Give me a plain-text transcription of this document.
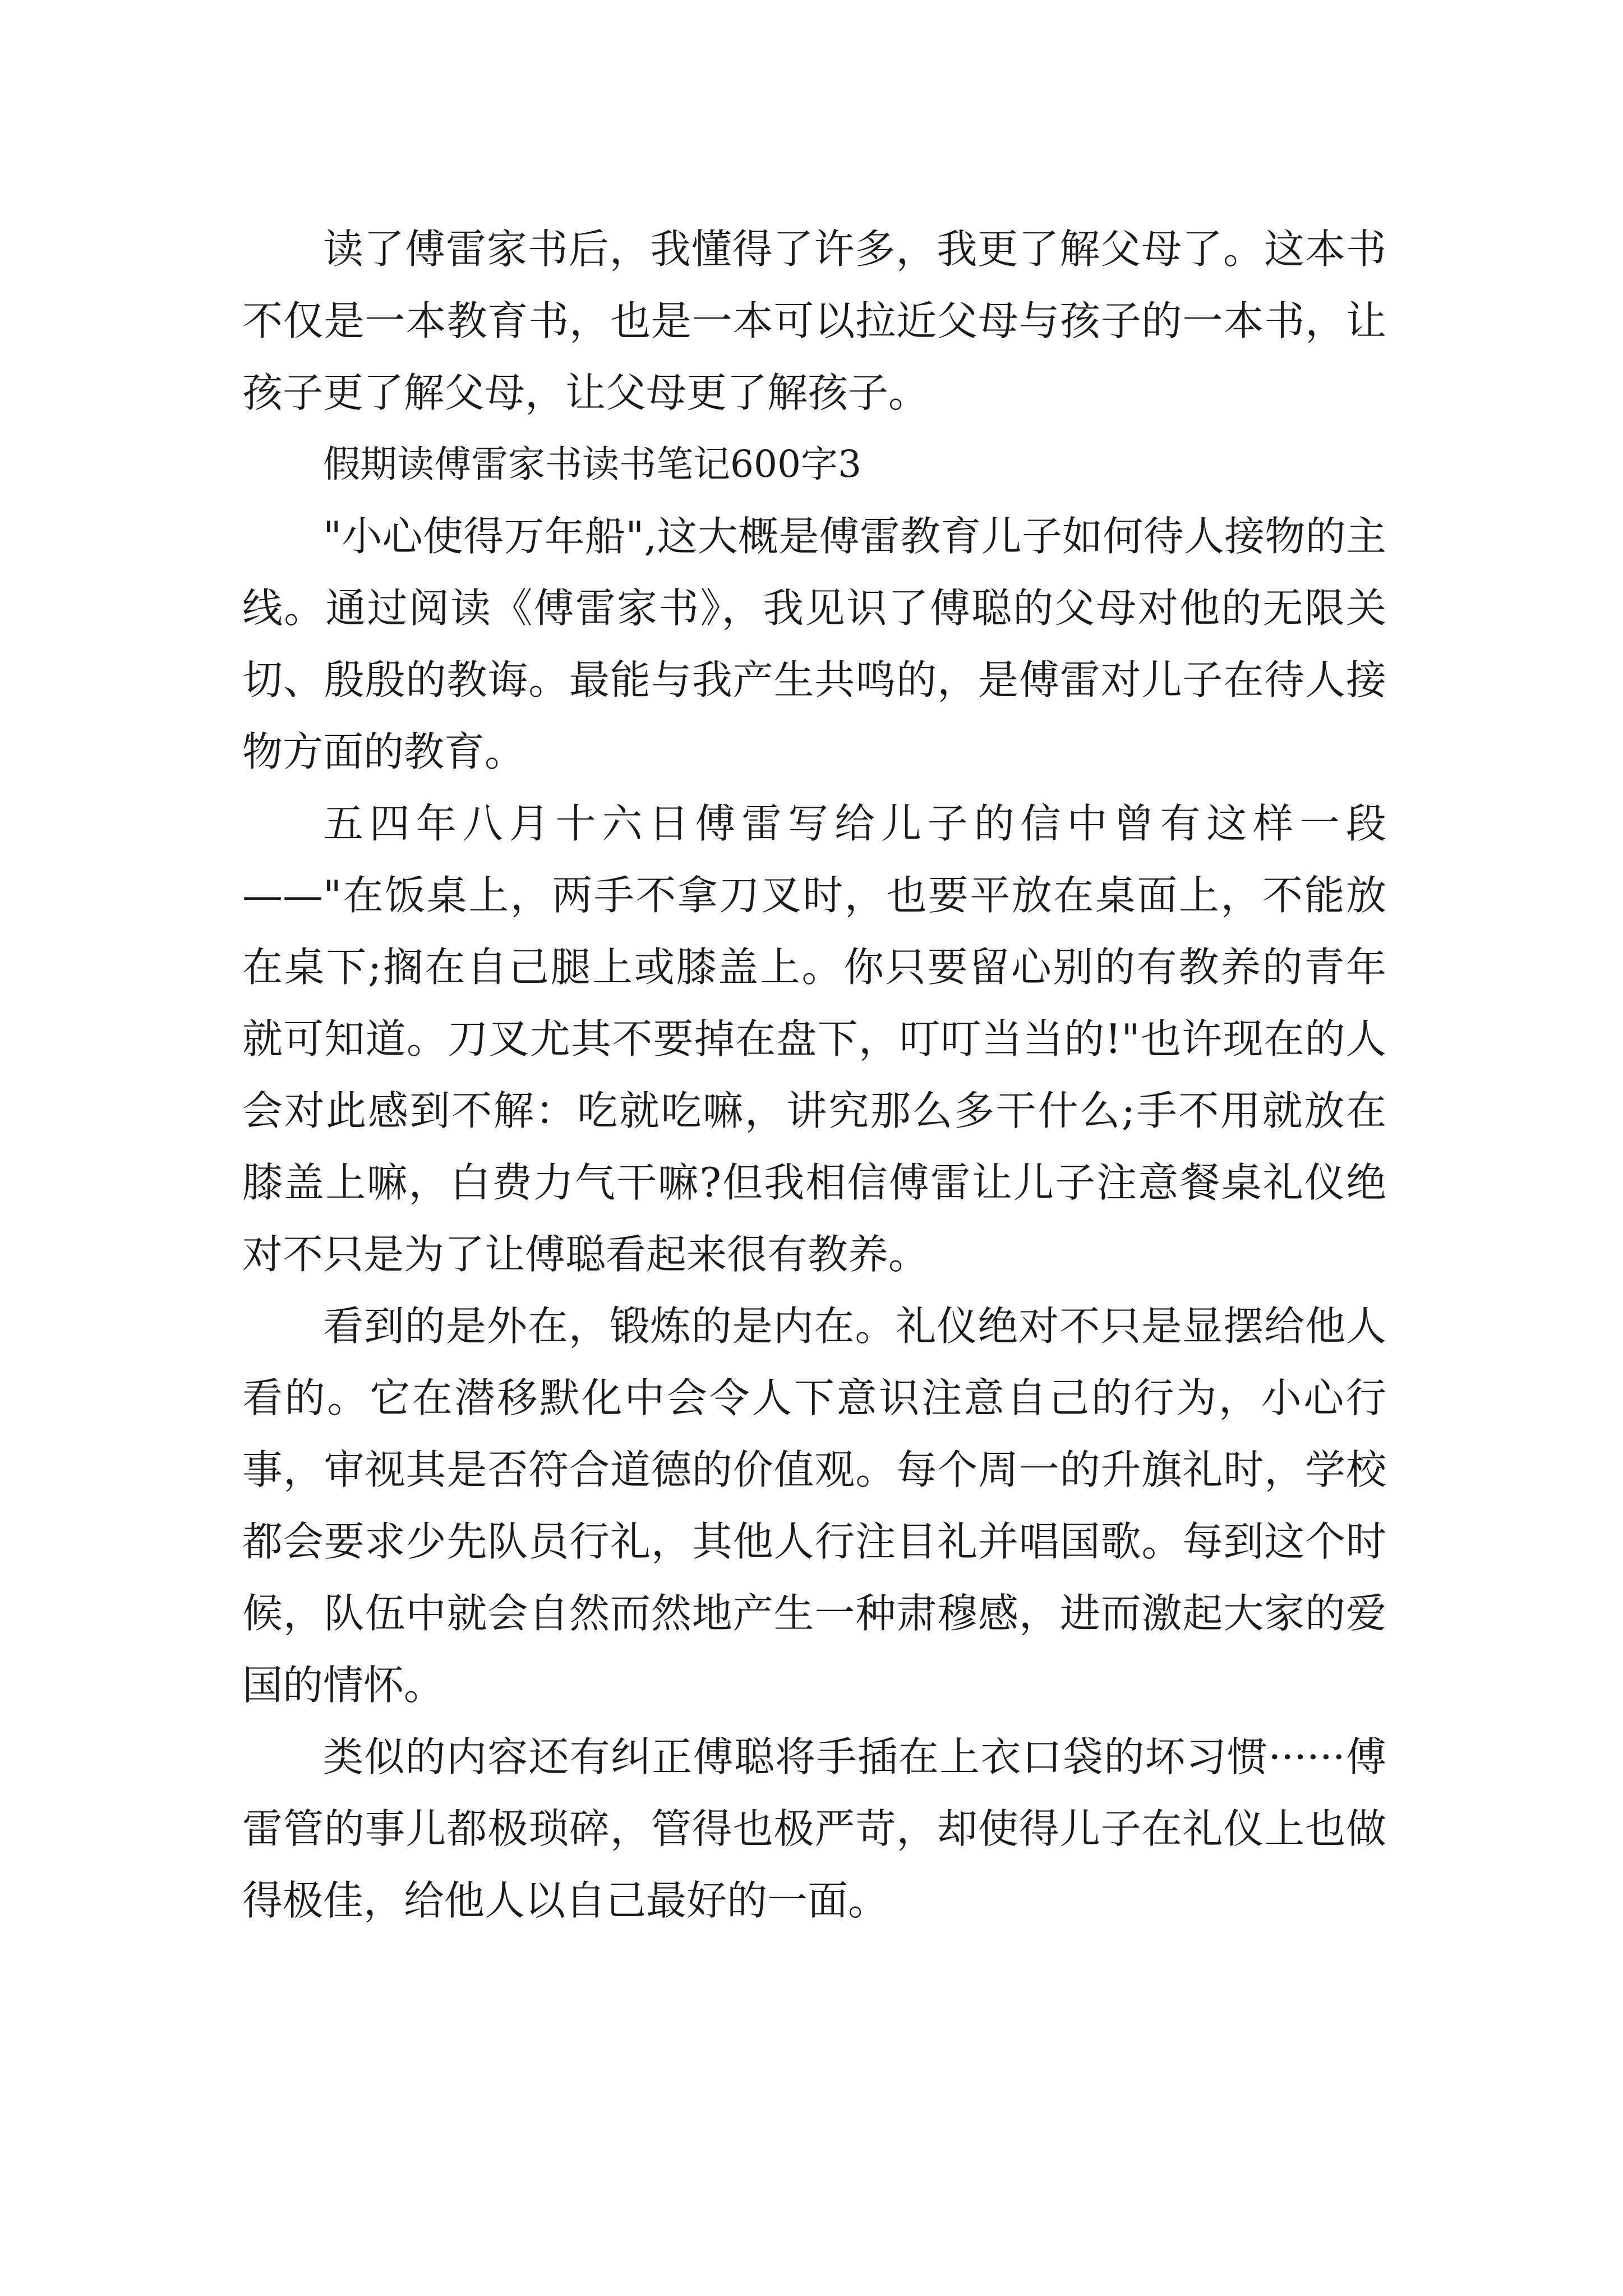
读了傅雷家书后，我懂得了许多，我更了解父母了。这本书不仅是一本教育书，也是一本可以拉近父母与孩子的一本书，让孩子更了解父母，让父母更了解孩子。

假期读傅雷家书读书笔记600字3

"小心使得万年船",这大概是傅雷教育儿子如何待人接物的主线。通过阅读《傅雷家书》，我见识了傅聪的父母对他的无限关切、殷殷的教诲。最能与我产生共鸣的，是傅雷对儿子在待人接物方面的教育。

五四年八月十六日傅雷写给儿子的信中曾有这样一段——"在饭桌上，两手不拿刀叉时，也要平放在桌面上，不能放在桌下;搁在自己腿上或膝盖上。你只要留心别的有教养的青年就可知道。刀叉尤其不要掉在盘下，叮叮当当的!"也许现在的人会对此感到不解：吃就吃嘛，讲究那么多干什么;手不用就放在膝盖上嘛，白费力气干嘛?但我相信傅雷让儿子注意餐桌礼仪绝对不只是为了让傅聪看起来很有教养。

看到的是外在，锻炼的是内在。礼仪绝对不只是显摆给他人看的。它在潜移默化中会令人下意识注意自己的行为，小心行事，审视其是否符合道德的价值观。每个周一的升旗礼时，学校都会要求少先队员行礼，其他人行注目礼并唱国歌。每到这个时候，队伍中就会自然而然地产生一种肃穆感，进而激起大家的爱国的情怀。

类似的内容还有纠正傅聪将手插在上衣口袋的坏习惯······傅雷管的事儿都极琐碎，管得也极严苛，却使得儿子在礼仪上也做得极佳，给他人以自己最好的一面。
